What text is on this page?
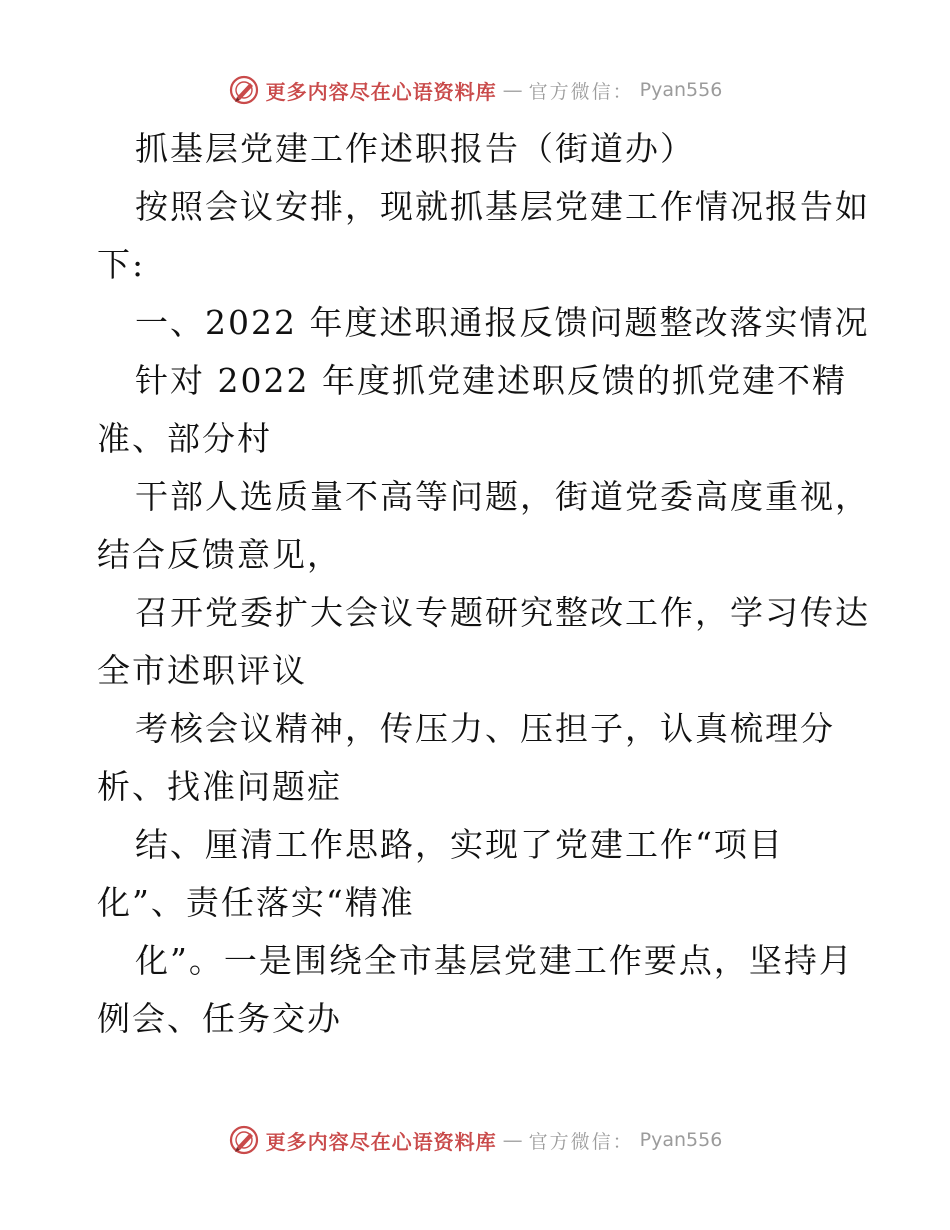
更多内容尽在心语资料库 — 官方微信： Pyan556
抓基层党建工作述职报告（街道办）
按照会议安排，现就抓基层党建工作情况报告如
下:
一、2022 年度述职通报反馈问题整改落实情况
针对 2022 年度抓党建述职反馈的抓党建不精
准、部分村
干部人选质量不高等问题，街道党委高度重视，
结合反馈意见，
召开党委扩大会议专题研究整改工作，学习传达
全市述职评议
考核会议精神，传压力、压担子，认真梳理分
析、找准问题症
结、厘清工作思路，实现了党建工作“项目
化”、责任落实“精准
化”。一是围绕全市基层党建工作要点，坚持月
例会、任务交办
更多内容尽在心语资料库 — 官方微信： Pyan556
